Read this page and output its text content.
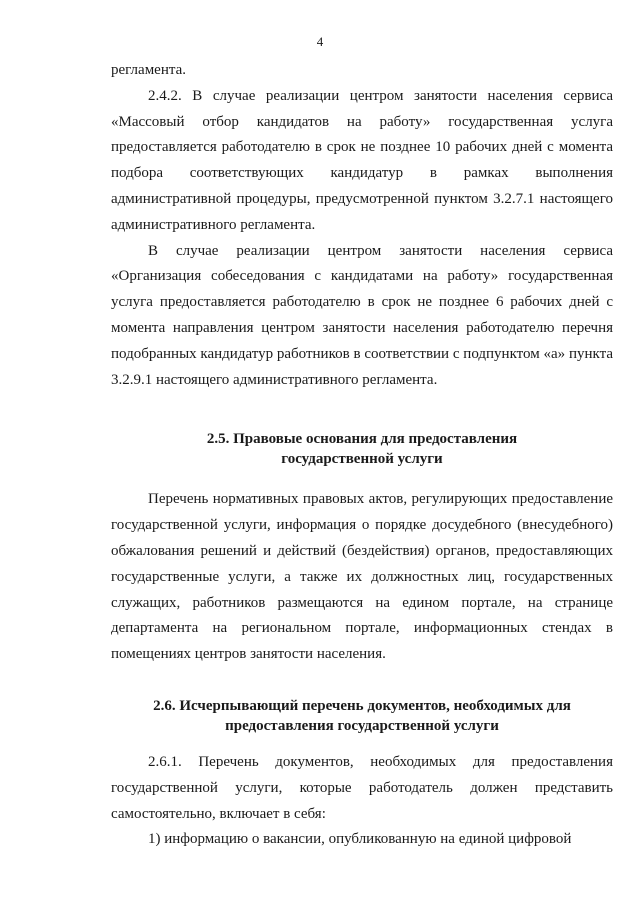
4

регламента.

2.4.2. В случае реализации центром занятости населения сервиса «Массовый отбор кандидатов на работу» государственная услуга предоставляется работодателю в срок не позднее 10 рабочих дней с момента подбора соответствующих кандидатур в рамках выполнения административной процедуры, предусмотренной пунктом 3.2.7.1 настоящего административного регламента.

В случае реализации центром занятости населения сервиса «Организация собеседования с кандидатами на работу» государственная услуга предоставляется работодателю в срок не позднее 6 рабочих дней с момента направления центром занятости населения работодателю перечня подобранных кандидатур работников в соответствии с подпунктом «а» пункта 3.2.9.1 настоящего административного регламента.

2.5. Правовые основания для предоставления
государственной услуги

Перечень нормативных правовых актов, регулирующих предоставление государственной услуги, информация о порядке досудебного (внесудебного) обжалования решений и действий (бездействия) органов, предоставляющих государственные услуги, а также их должностных лиц, государственных служащих, работников размещаются на едином портале, на странице департамента на региональном портале, информационных стендах в помещениях центров занятости населения.

2.6. Исчерпывающий перечень документов, необходимых для
предоставления государственной услуги

2.6.1. Перечень документов, необходимых для предоставления государственной услуги, которые работодатель должен представить самостоятельно, включает в себя:

1) информацию о вакансии, опубликованную на единой цифровой
